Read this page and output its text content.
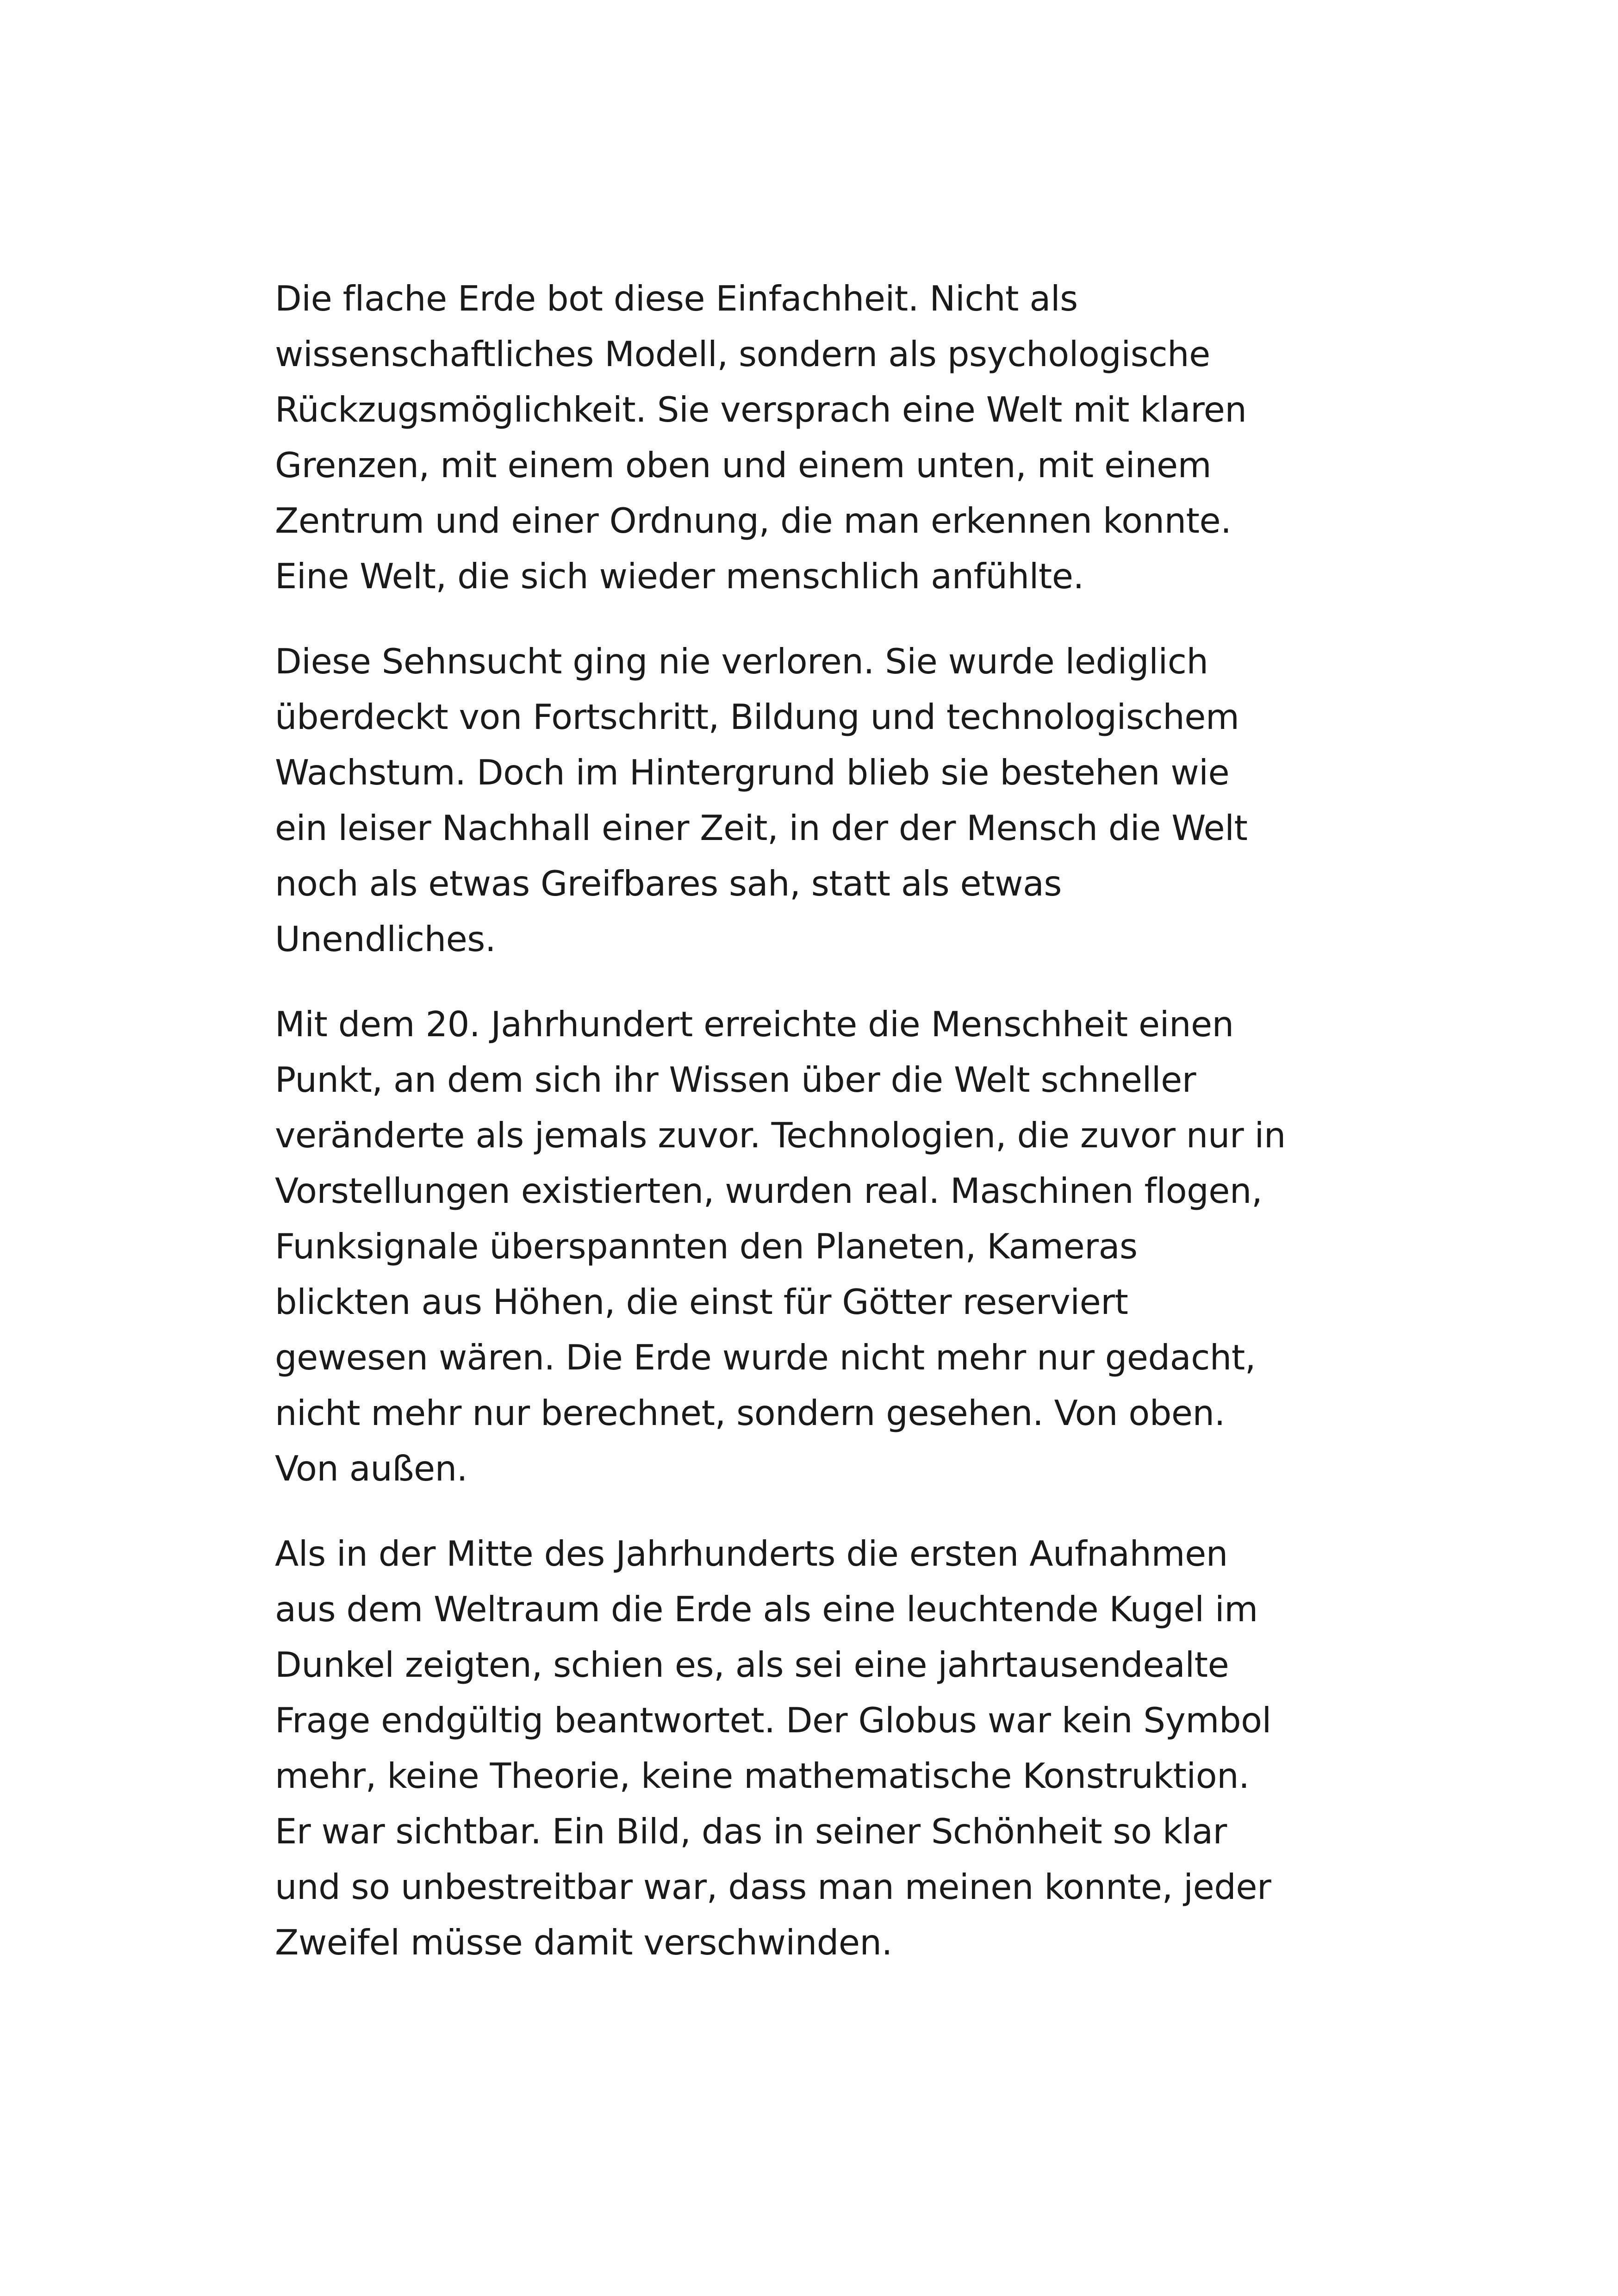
Die flache Erde bot diese Einfachheit. Nicht als
wissenschaftliches Modell, sondern als psychologische
Rückzugsmöglichkeit. Sie versprach eine Welt mit klaren
Grenzen, mit einem oben und einem unten, mit einem
Zentrum und einer Ordnung, die man erkennen konnte.
Eine Welt, die sich wieder menschlich anfühlte.
Diese Sehnsucht ging nie verloren. Sie wurde lediglich
überdeckt von Fortschritt, Bildung und technologischem
Wachstum. Doch im Hintergrund blieb sie bestehen wie
ein leiser Nachhall einer Zeit, in der der Mensch die Welt
noch als etwas Greifbares sah, statt als etwas
Unendliches.
Mit dem 20. Jahrhundert erreichte die Menschheit einen
Punkt, an dem sich ihr Wissen über die Welt schneller
veränderte als jemals zuvor. Technologien, die zuvor nur in
Vorstellungen existierten, wurden real. Maschinen flogen,
Funksignale überspannten den Planeten, Kameras
blickten aus Höhen, die einst für Götter reserviert
gewesen wären. Die Erde wurde nicht mehr nur gedacht,
nicht mehr nur berechnet, sondern gesehen. Von oben.
Von außen.
Als in der Mitte des Jahrhunderts die ersten Aufnahmen
aus dem Weltraum die Erde als eine leuchtende Kugel im
Dunkel zeigten, schien es, als sei eine jahrtausendealte
Frage endgültig beantwortet. Der Globus war kein Symbol
mehr, keine Theorie, keine mathematische Konstruktion.
Er war sichtbar. Ein Bild, das in seiner Schönheit so klar
und so unbestreitbar war, dass man meinen konnte, jeder
Zweifel müsse damit verschwinden.
